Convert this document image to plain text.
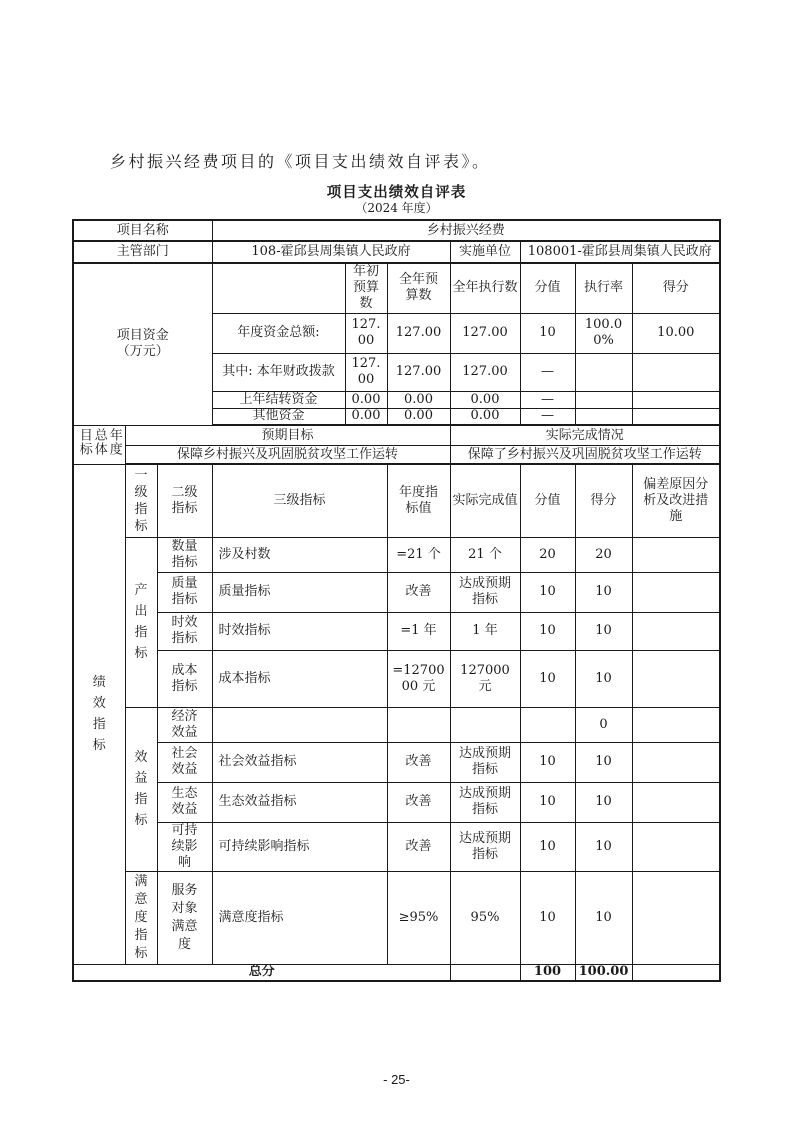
乡村振兴经费项目的《项目支出绩效自评表》。
项目支出绩效自评表
（2024 年度）
项目名称			乡村振兴经费						
主管部门			108-霍邱县周集镇人民政府			实施单位	108001-霍邱县周集镇人民政府		
项目资金（万元）				年初预算数	全年预算数	全年执行数	分值	执行率	得分
			年度资金总额:	127.00	127.00	127.00	10	100.00%	10.00
			其中: 本年财政拨款	127.00	127.00	127.00	—		
			上年结转资金	0.00	0.00	0.00	—		
			其他资金	0.00	0.00	0.00	—		
年度总体目标	预期目标					实际完成情况			
	保障乡村振兴及巩固脱贫攻坚工作运转					保障了乡村振兴及巩固脱贫攻坚工作运转			
绩效指标	一级指标	二级指标	三级指标		年度指标值	实际完成值	分值	得分	偏差原因分析及改进措施
	产出指标	数量指标	涉及村数		=21 个	21 个	20	20	
		质量指标	质量指标		改善	达成预期指标	10	10	
		时效指标	时效指标		=1 年	1 年	10	10	
		成本指标	成本指标		=1270000 元	127000元	10	10	
	效益指标	经济效益						0	
		社会效益	社会效益指标		改善	达成预期指标	10	10	
		生态效益	生态效益指标		改善	达成预期指标	10	10	
		可持续影响	可持续影响指标		改善	达成预期指标	10	10	
	满意度指标	服务对象满意度	满意度指标		≥95%	95%	10	10	
总分							100	100.00	
- 25-
